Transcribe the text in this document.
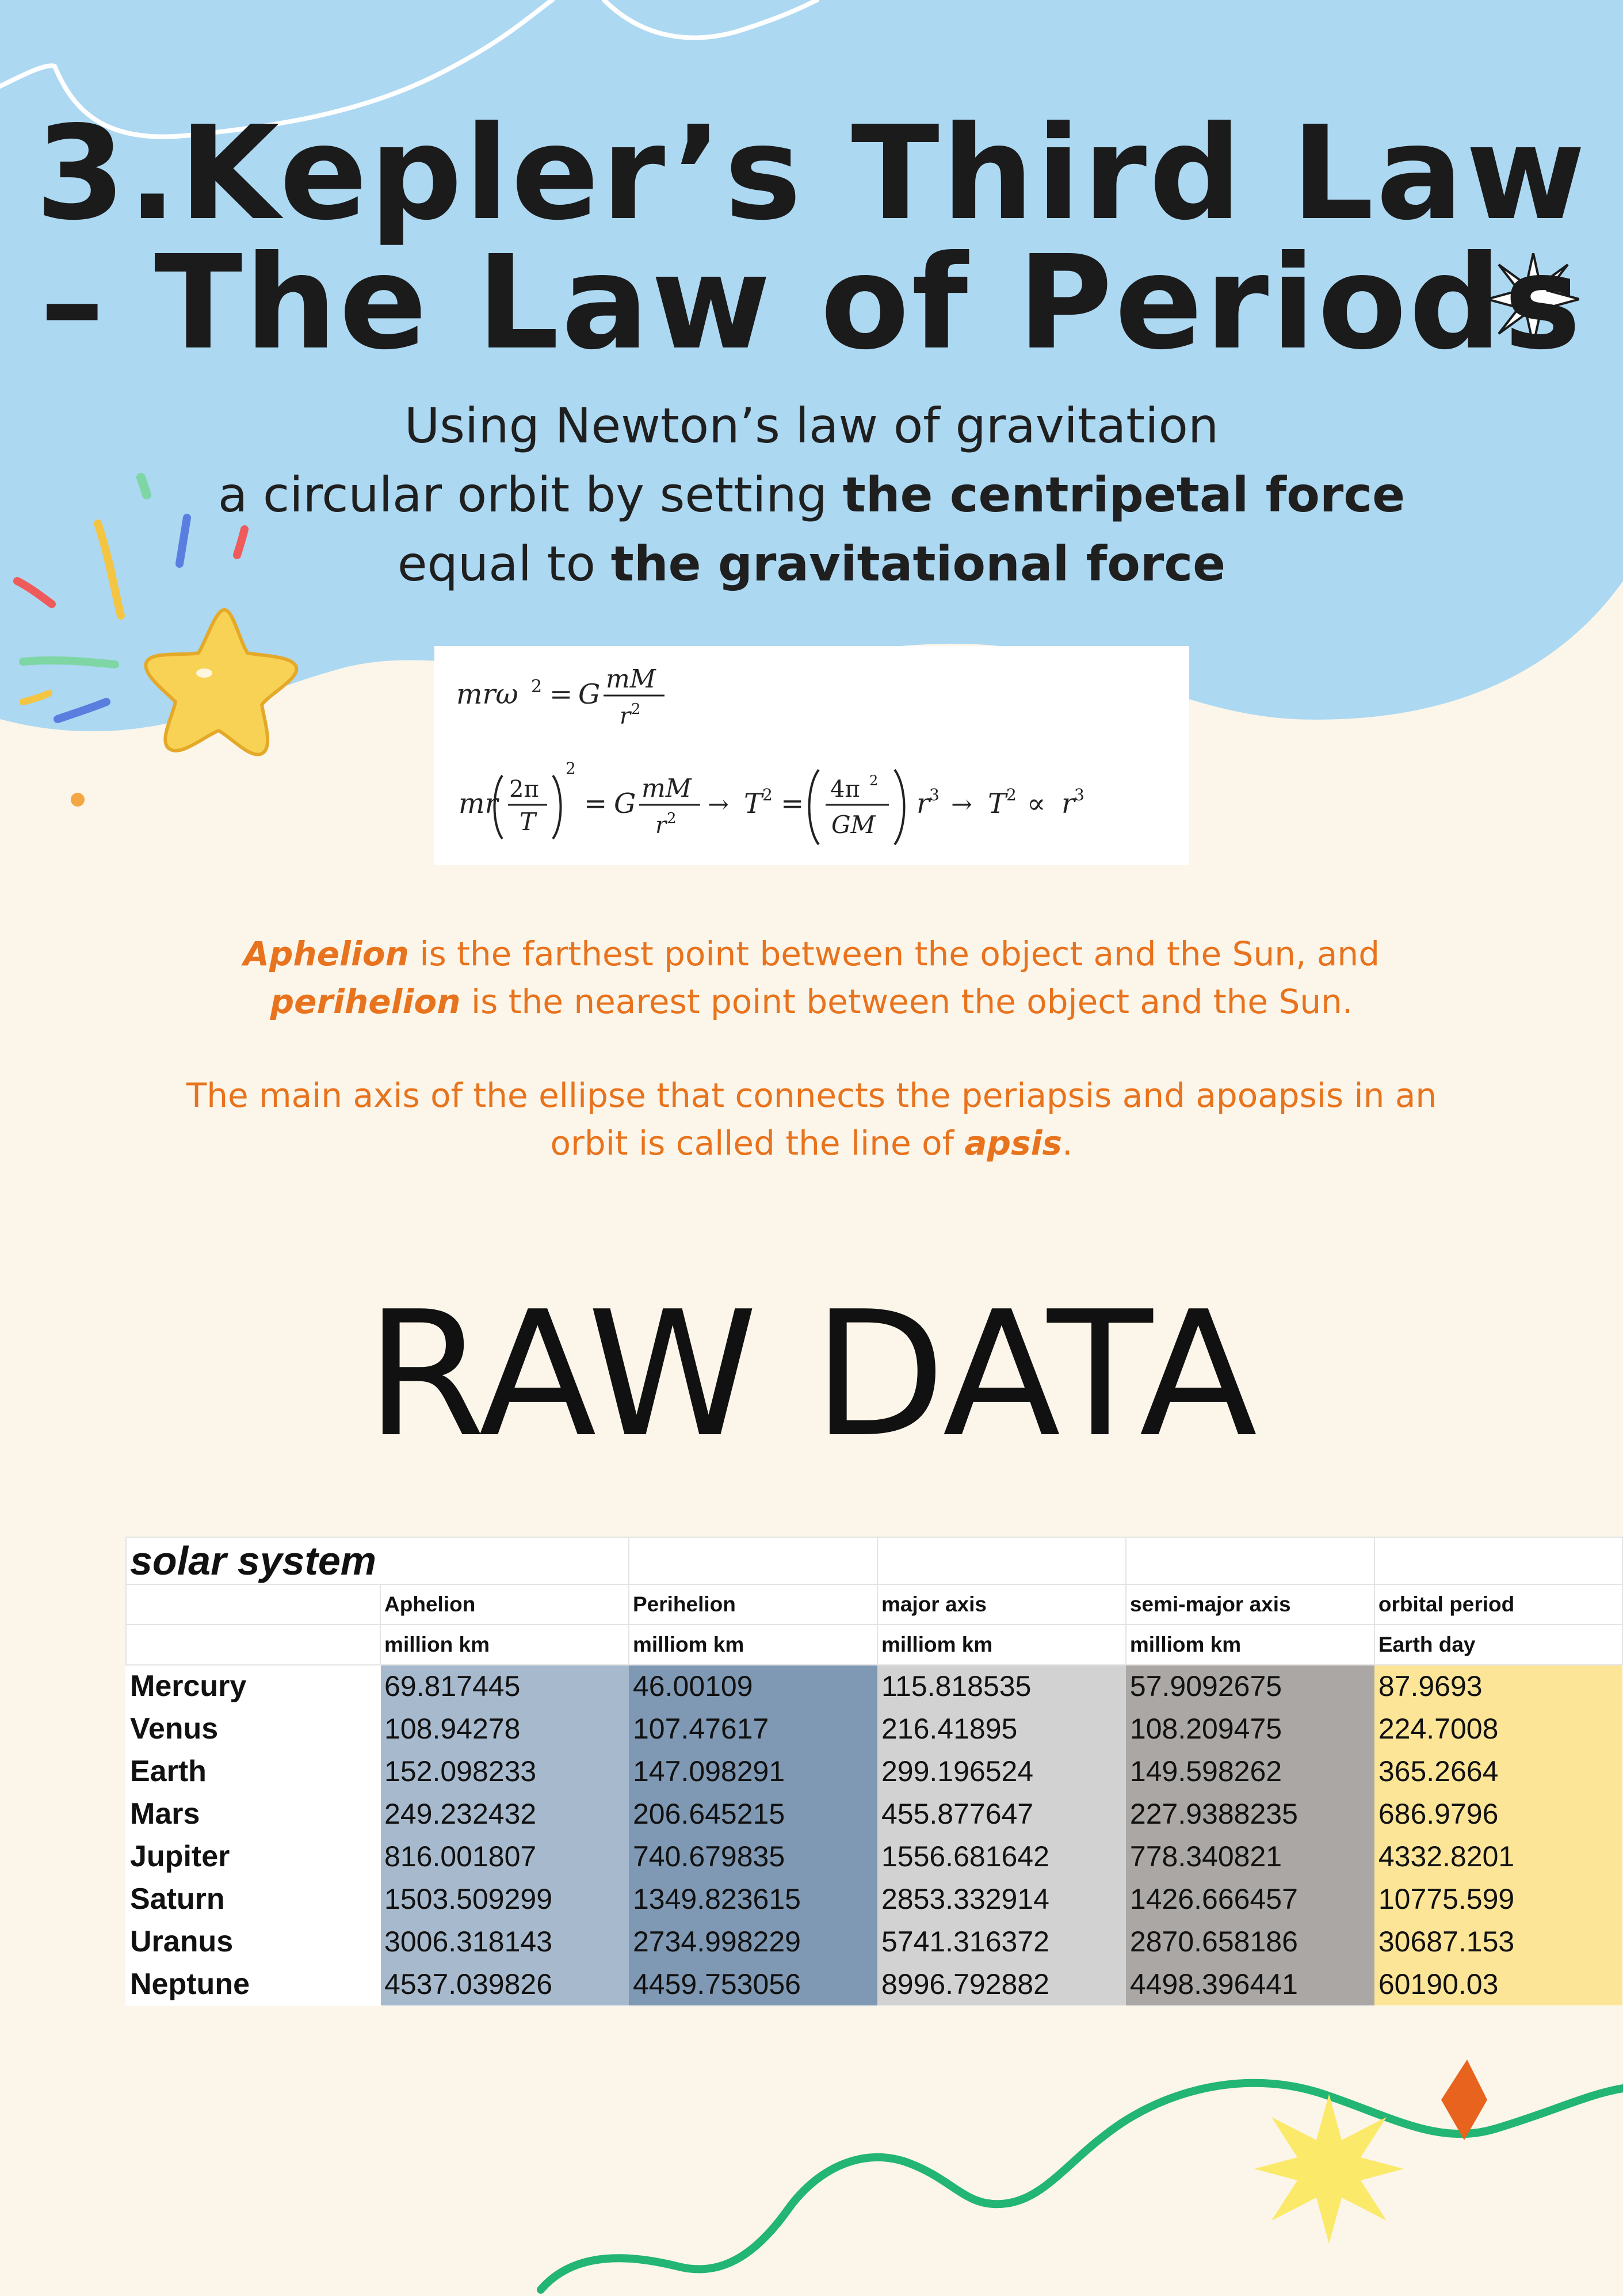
3.Kepler’s Third Law
– The Law of Periods
Using Newton’s law of gravitation
a circular orbit by setting the centripetal force
equal to the gravitational force
mrω 2 = G mM
r 2
mr 2π
T
2
= G mM
r 2 → T 2 = 4π 2
GM
r 3 → T 2 ∝ r 3
Aphelion is the farthest point between the object and the Sun, and
perihelion is the nearest point between the object and the Sun.
The main axis of the ellipse that connects the periapsis and apoapsis in an
orbit is called the line of apsis.
RAW DATA
solar system					
	Aphelion	Perihelion	major axis	semi-major axis	orbital period
	million km	milliom km	milliom km	milliom km	Earth day
Mercury	69.817445	46.00109	115.818535	57.9092675	87.9693
Venus	108.94278	107.47617	216.41895	108.209475	224.7008
Earth	152.098233	147.098291	299.196524	149.598262	365.2664
Mars	249.232432	206.645215	455.877647	227.9388235	686.9796
Jupiter	816.001807	740.679835	1556.681642	778.340821	4332.8201
Saturn	1503.509299	1349.823615	2853.332914	1426.666457	10775.599
Uranus	3006.318143	2734.998229	5741.316372	2870.658186	30687.153
Neptune	4537.039826	4459.753056	8996.792882	4498.396441	60190.03
